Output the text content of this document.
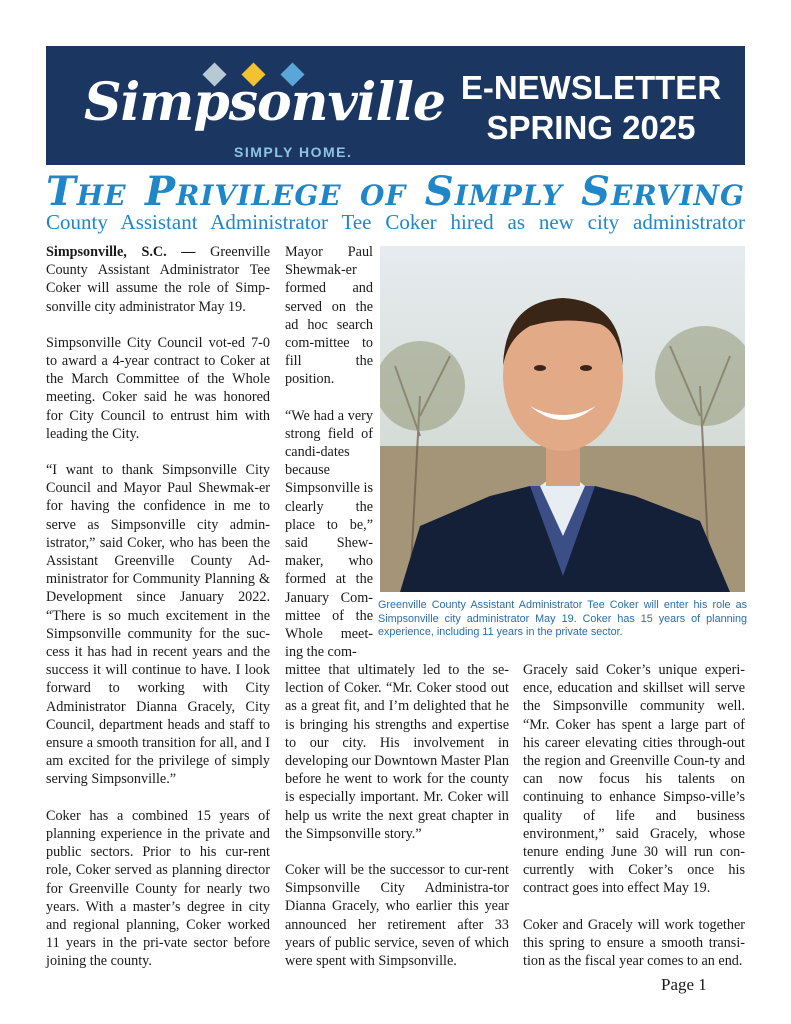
Simpsonville
SIMPLY HOME.
E-NEWSLETTER
SPRING 2025
The Privilege of Simply Serving
County Assistant Administrator Tee Coker hired as new city administrator

Simpsonville, S.C. — Greenville County Assistant Administrator Tee Coker will assume the role of Simp-sonville city administrator May 19.

Simpsonville City Council vot-ed 7-0 to award a 4-year contract to Coker at the March Committee of the Whole meeting. Coker said he was honored for City Council to entrust him with leading the City.

“I want to thank Simpsonville City Council and Mayor Paul Shewmak-er for having the confidence in me to serve as Simpsonville city admin-istrator,” said Coker, who has been the Assistant Greenville County Ad-ministrator for Community Planning & Development since January 2022. “There is so much excitement in the Simpsonville community for the suc-cess it has had in recent years and the success it will continue to have. I look forward to working with City Administrator Dianna Gracely, City Council, department heads and staff to ensure a smooth transition for all, and I am excited for the privilege of simply serving Simpsonville.”

Coker has a combined 15 years of planning experience in the private and public sectors. Prior to his cur-rent role, Coker served as planning director for Greenville County for nearly two years. With a master’s degree in city and regional planning, Coker worked 11 years in the pri-vate sector before joining the county.

Mayor Paul Shewmak-er formed and served on the ad hoc search com-mittee to fill the position.

“We had a very strong field of candi-dates because Simpsonville is clearly the place to be,” said Shew-maker, who formed at the January Com-mittee of the Whole meet-ing the com-

Greenville County Assistant Administrator Tee Coker will enter his role as Simpsonville city administrator May 19. Coker has 15 years of planning experience, including 11 years in the private sector.

mittee that ultimately led to the se-lection of Coker. “Mr. Coker stood out as a great fit, and I’m delighted that he is bringing his strengths and expertise to our city. His involvement in developing our Downtown Master Plan before he went to work for the county is especially important. Mr. Coker will help us write the next great chapter in the Simpsonville story.”

Coker will be the successor to cur-rent Simpsonville City Administra-tor Dianna Gracely, who earlier this year announced her retirement after 33 years of public service, seven of which were spent with Simpsonville.

Gracely said Coker’s unique experi-ence, education and skillset will serve the Simpsonville community well. “Mr. Coker has spent a large part of his career elevating cities through-out the region and Greenville Coun-ty and can now focus his talents on continuing to enhance Simpso-ville’s quality of life and business environment,” said Gracely, whose tenure ending June 30 will run con-currently with Coker’s once his contract goes into effect May 19.

Coker and Gracely will work together this spring to ensure a smooth transi-tion as the fiscal year comes to an end.

Page 1
